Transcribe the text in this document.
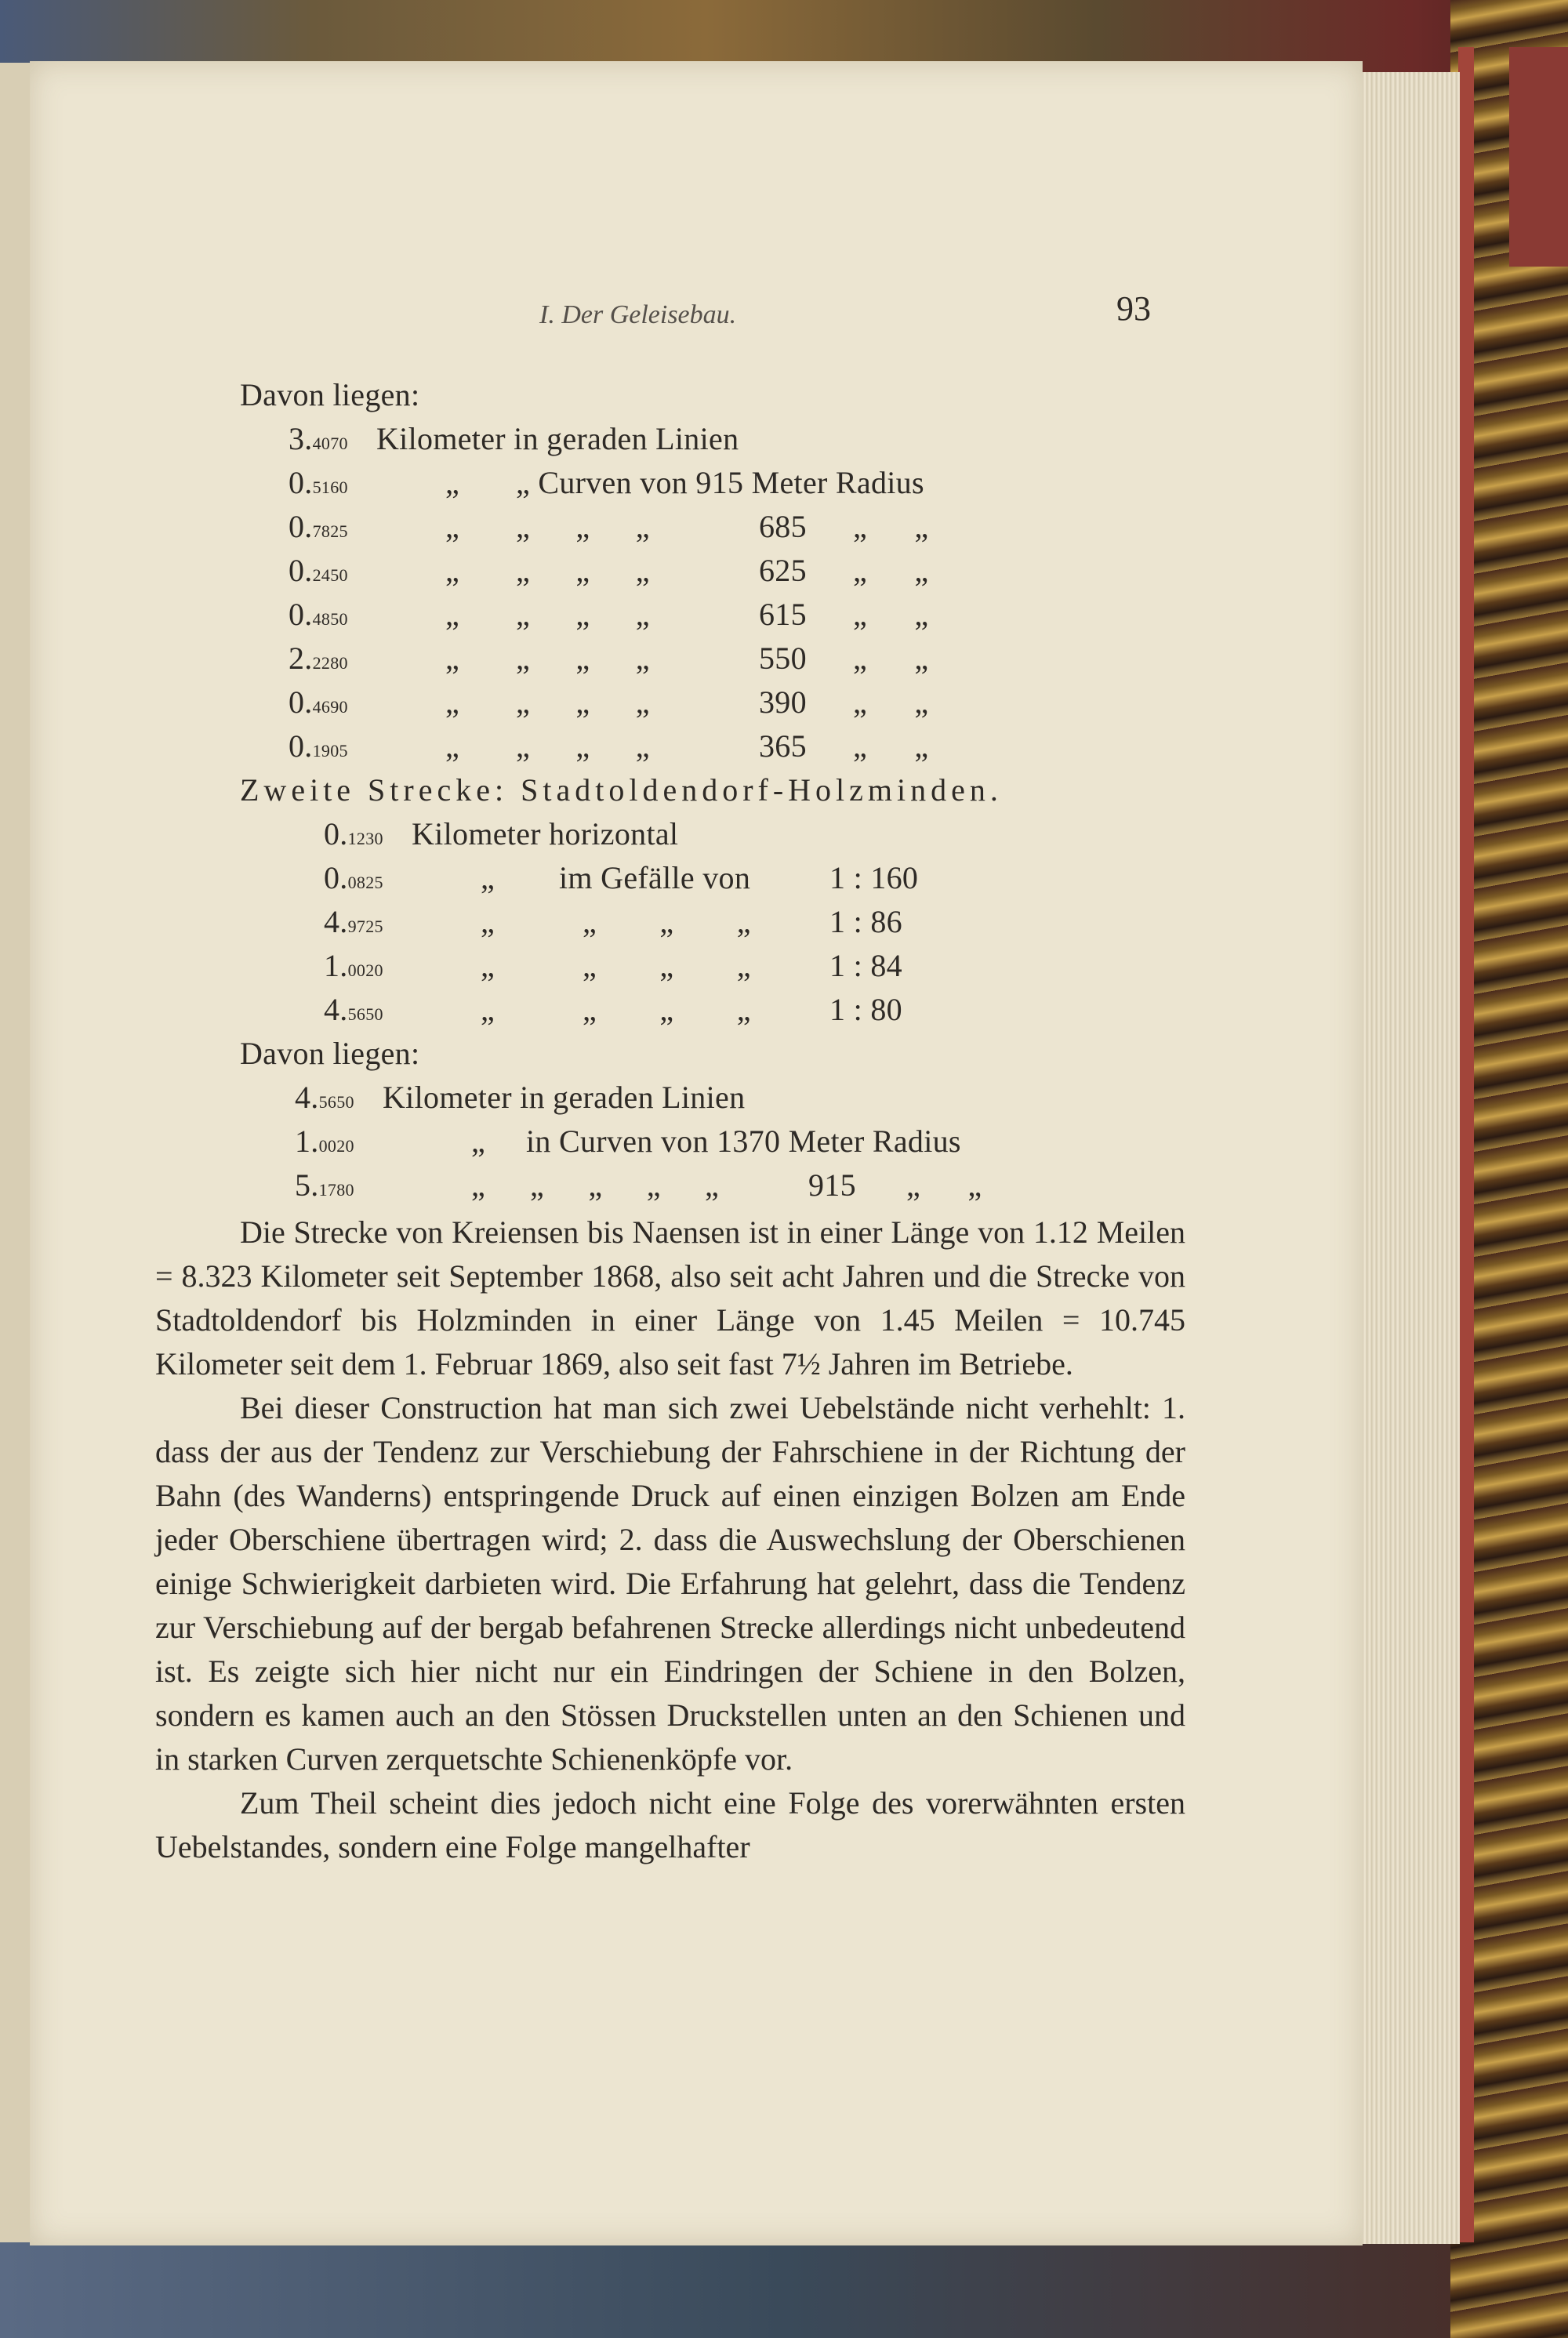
I. Der Geleisebau.	93
Davon liegen:
3.4070 Kilometer in geraden Linien
0.5160	„ „ Curven von 915 Meter Radius
0.7825	„ „ „ „	685 „ „
0.2450	„ „ „ „	625 „ „
0.4850	„ „ „ „	615 „ „
2.2280	„ „ „ „	550 „ „
0.4690	„ „ „ „	390 „ „
0.1905	„ „ „ „	365 „ „
Zweite Strecke: Stadtoldendorf-Holzminden.
0.1230 Kilometer horizontal
0.0825	„ im Gefälle von	1 : 160
4.9725	„	„ „ „	1 : 86
1.0020	„	„ „ „	1 : 84
4.5650	„	„ „ „	1 : 80
Davon liegen:
4.5650 Kilometer in geraden Linien
1.0020	„ in Curven von 1370 Meter Radius
5.1780	„ „ „ „ „	915 „ „

Die Strecke von Kreiensen bis Naensen ist in einer Länge von 1.12 Meilen = 8.323 Kilometer seit September 1868, also seit acht Jahren und die Strecke von Stadtoldendorf bis Holzminden in einer Länge von 1.45 Meilen = 10.745 Kilometer seit dem 1. Februar 1869, also seit fast 7½ Jahren im Betriebe.

Bei dieser Construction hat man sich zwei Uebelstände nicht verhehlt: 1. dass der aus der Tendenz zur Verschiebung der Fahrschiene in der Richtung der Bahn (des Wanderns) entspringende Druck auf einen einzigen Bolzen am Ende jeder Oberschiene übertragen wird; 2. dass die Auswechslung der Oberschienen einige Schwierigkeit darbieten wird. Die Erfahrung hat gelehrt, dass die Tendenz zur Verschiebung auf der bergab befahrenen Strecke allerdings nicht unbedeutend ist. Es zeigte sich hier nicht nur ein Eindringen der Schiene in den Bolzen, sondern es kamen auch an den Stössen Druckstellen unten an den Schienen und in starken Curven zerquetschte Schienenköpfe vor.

Zum Theil scheint dies jedoch nicht eine Folge des vorerwähnten ersten Uebelstandes, sondern eine Folge mangelhafter
